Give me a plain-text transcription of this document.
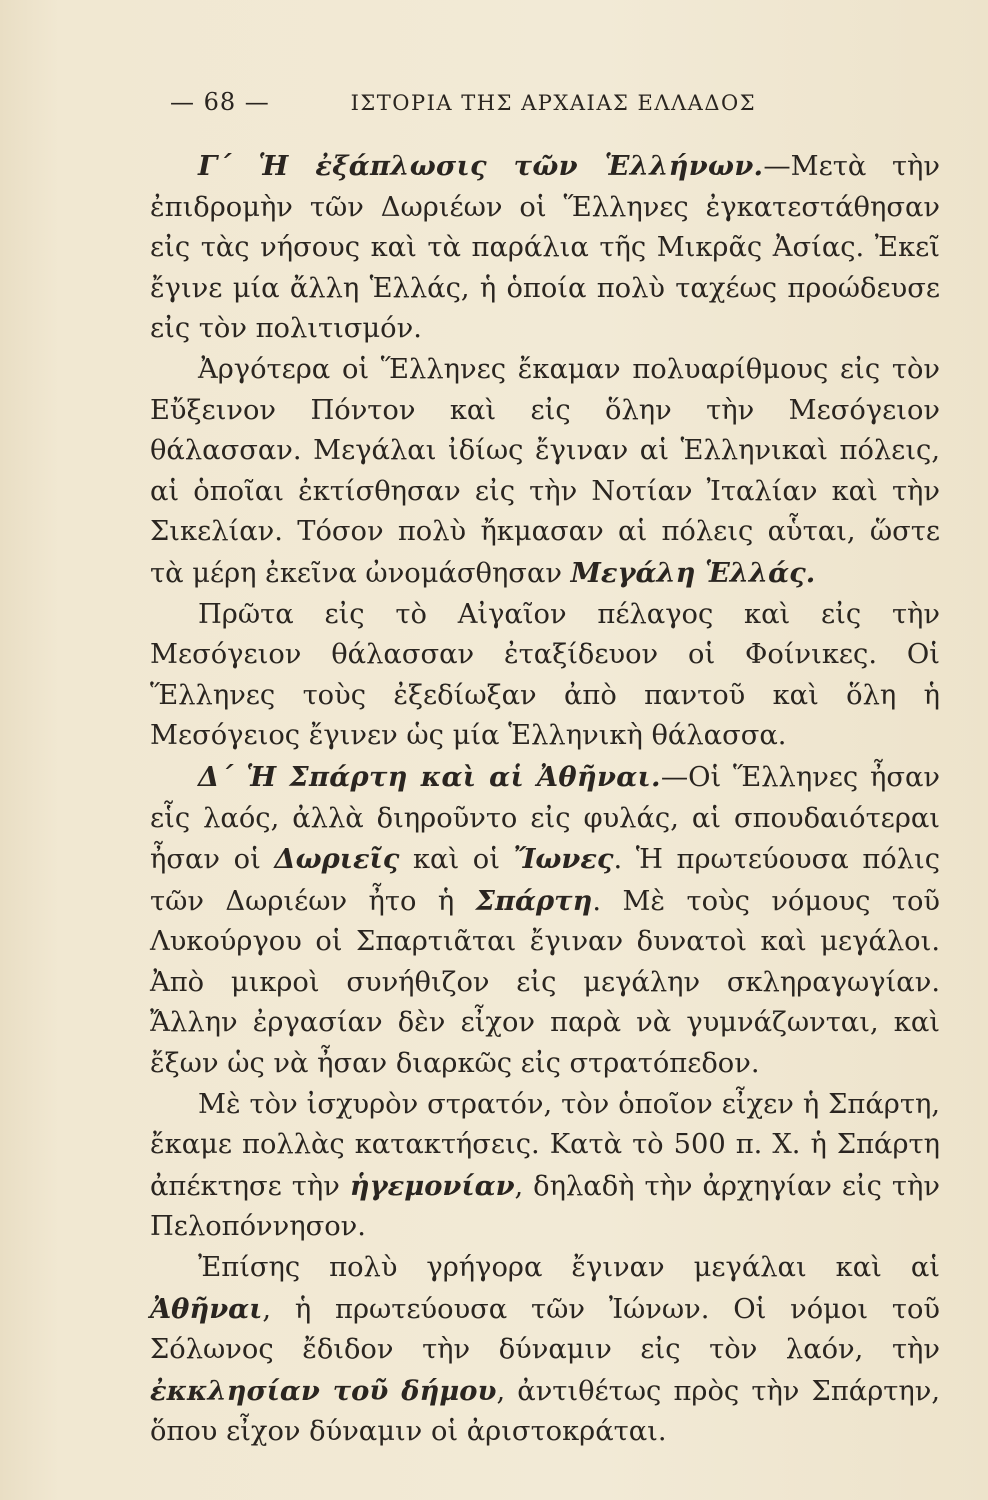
— 68 —	ΙΣΤΟΡΙΑ ΤΗΣ ΑΡΧΑΙΑΣ ΕΛΛΑΔΟΣ

Γ΄ Ἡ ἐξάπλωσις τῶν Ἑλλήνων.—Μετὰ τὴν ἐπιδρομὴν τῶν Δωριέων οἱ Ἕλληνες ἐγκατεστάθησαν εἰς τὰς νήσους καὶ τὰ παράλια τῆς Μικρᾶς Ἀσίας. Ἐκεῖ ἔγινε μία ἄλλη Ἑλλάς, ἡ ὁποία πολὺ ταχέως προώδευσε εἰς τὸν πολιτισμόν.

Ἀργότερα οἱ Ἕλληνες ἔκαμαν πολυαρίθμους εἰς τὸν Εὔξεινον Πόντον καὶ εἰς ὅλην τὴν Μεσόγειον θάλασσαν. Μεγάλαι ἰδίως ἔγιναν αἱ Ἑλληνικαὶ πόλεις, αἱ ὁποῖαι ἐκτίσθησαν εἰς τὴν Νοτίαν Ἰταλίαν καὶ τὴν Σικελίαν. Τόσον πολὺ ἤκμασαν αἱ πόλεις αὗται, ὥστε τὰ μέρη ἐκεῖνα ὠνομάσθησαν Μεγάλη Ἑλλάς.

Πρῶτα εἰς τὸ Αἰγαῖον πέλαγος καὶ εἰς τὴν Μεσόγειον θάλασσαν ἐταξίδευον οἱ Φοίνικες. Οἱ Ἕλληνες τοὺς ἐξεδίωξαν ἀπὸ παντοῦ καὶ ὅλη ἡ Μεσόγειος ἔγινεν ὡς μία Ἑλληνικὴ θάλασσα.

Δ΄ Ἡ Σπάρτη καὶ αἱ Ἀθῆναι.—Οἱ Ἕλληνες ἦσαν εἷς λαός, ἀλλὰ διηροῦντο εἰς φυλάς, αἱ σπουδαιότεραι ἦσαν οἱ Δωριεῖς καὶ οἱ Ἴωνες. Ἡ πρωτεύουσα πόλις τῶν Δωριέων ἦτο ἡ Σπάρτη. Μὲ τοὺς νόμους τοῦ Λυκούργου οἱ Σπαρτιᾶται ἔγιναν δυνατοὶ καὶ μεγάλοι. Ἀπὸ μικροὶ συνήθιζον εἰς μεγάλην σκληραγωγίαν. Ἄλλην ἐργασίαν δὲν εἶχον παρὰ νὰ γυμνάζωνται, καὶ ἔξων ὡς νὰ ἦσαν διαρκῶς εἰς στρατόπεδον.

Μὲ τὸν ἰσχυρὸν στρατόν, τὸν ὁποῖον εἶχεν ἡ Σπάρτη, ἔκαμε πολλὰς κατακτήσεις. Κατὰ τὸ 500 π. Χ. ἡ Σπάρτη ἀπέκτησε τὴν ἡγεμονίαν, δηλαδὴ τὴν ἀρχηγίαν εἰς τὴν Πελοπόννησον.

Ἐπίσης πολὺ γρήγορα ἔγιναν μεγάλαι καὶ αἱ Ἀθῆναι, ἡ πρωτεύουσα τῶν Ἰώνων. Οἱ νόμοι τοῦ Σόλωνος ἔδιδον τὴν δύναμιν εἰς τὸν λαόν, τὴν ἐκκλησίαν τοῦ δήμου, ἀντιθέτως πρὸς τὴν Σπάρτην, ὅπου εἶχον δύναμιν οἱ ἀριστοκράται.
